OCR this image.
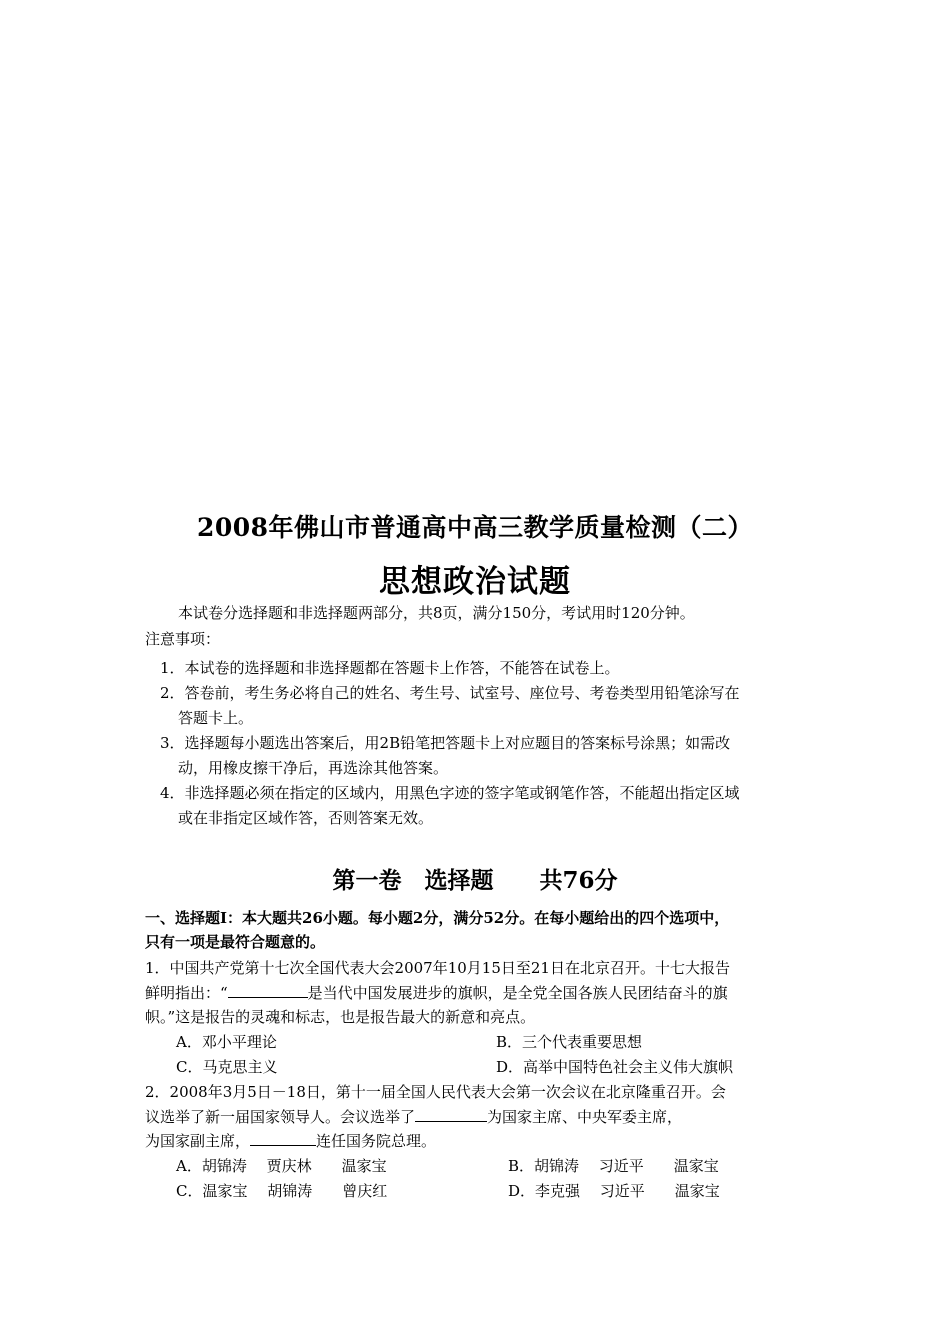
2008年佛山市普通高中高三教学质量检测（二）
思想政治试题
本试卷分选择题和非选择题两部分，共8页，满分150分，考试用时120分钟。
注意事项：
1．本试卷的选择题和非选择题都在答题卡上作答，不能答在试卷上。
2．答卷前，考生务必将自己的姓名、考生号、试室号、座位号、考卷类型用铅笔涂写在
答题卡上。
3．选择题每小题选出答案后，用2B铅笔把答题卡上对应题目的答案标号涂黑；如需改
动，用橡皮擦干净后，再选涂其他答案。
4．非选择题必须在指定的区域内，用黑色字迹的签字笔或钢笔作答，不能超出指定区域
或在非指定区域作答，否则答案无效。
第一卷　选择题　　共76分
一、选择题Ⅰ：本大题共26小题。每小题2分，满分52分。在每小题给出的四个选项中，
只有一项是最符合题意的。
1．中国共产党第十七次全国代表大会2007年10月15日至21日在北京召开。十七大报告
鲜明指出：“	是当代中国发展进步的旗帜，是全党全国各族人民团结奋斗的旗
帜。”这是报告的灵魂和标志，也是报告最大的新意和亮点。
A．邓小平理论	B．三个代表重要思想
C．马克思主义	D．高举中国特色社会主义伟大旗帜
2．2008年3月5日－18日，第十一届全国人民代表大会第一次会议在北京隆重召开。会
议选举了新一届国家领导人。会议选举了	为国家主席、中央军委主席，
为国家副主席，	连任国务院总理。
A．胡锦涛　 贾庆林　　温家宝	B．胡锦涛　 习近平　　温家宝
C．温家宝　 胡锦涛　　曾庆红	D．李克强　 习近平　　温家宝
